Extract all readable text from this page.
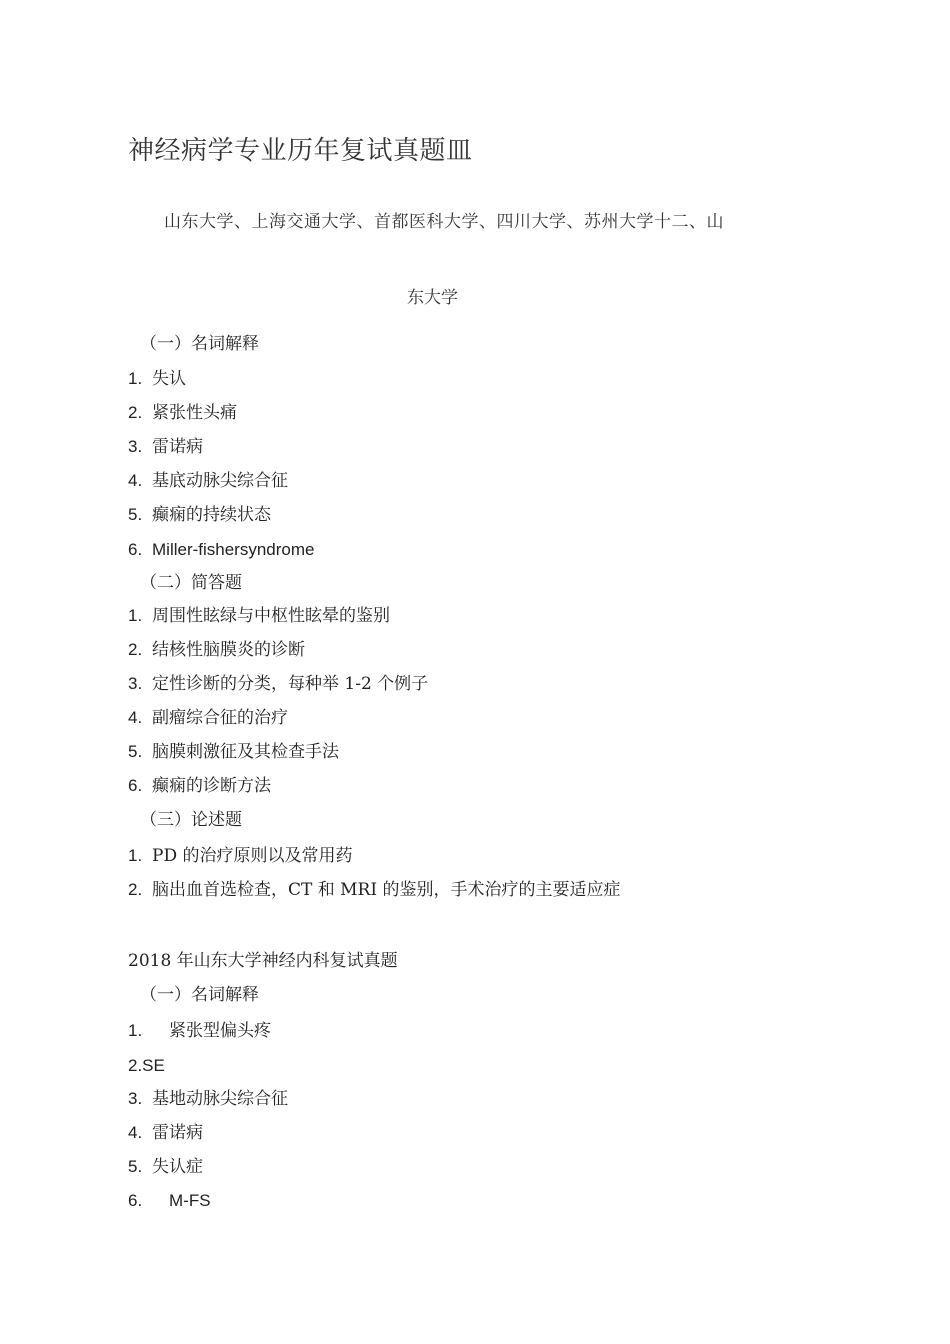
神经病学专业历年复试真题皿
山东大学、上海交通大学、首都医科大学、四川大学、苏州大学十二、山
东大学
（一）名词解释
1. 失认
2. 紧张性头痛
3. 雷诺病
4. 基底动脉尖综合征
5. 癫痫的持续状态
6. Miller-fishersyndrome
（二）简答题
1. 周围性眩绿与中枢性眩晕的鉴别
2. 结核性脑膜炎的诊断
3. 定性诊断的分类，每种举 1-2 个例子
4. 副瘤综合征的治疗
5. 脑膜刺激征及其检查手法
6. 癫痫的诊断方法
（三）论述题
1. PD 的治疗原则以及常用药
2. 脑出血首选检查，CT 和 MRI 的鉴别，手术治疗的主要适应症
2018 年山东大学神经内科复试真题
（一）名词解释
1. 紧张型偏头疼
2.SE
3. 基地动脉尖综合征
4. 雷诺病
5. 失认症
6. M-FS
